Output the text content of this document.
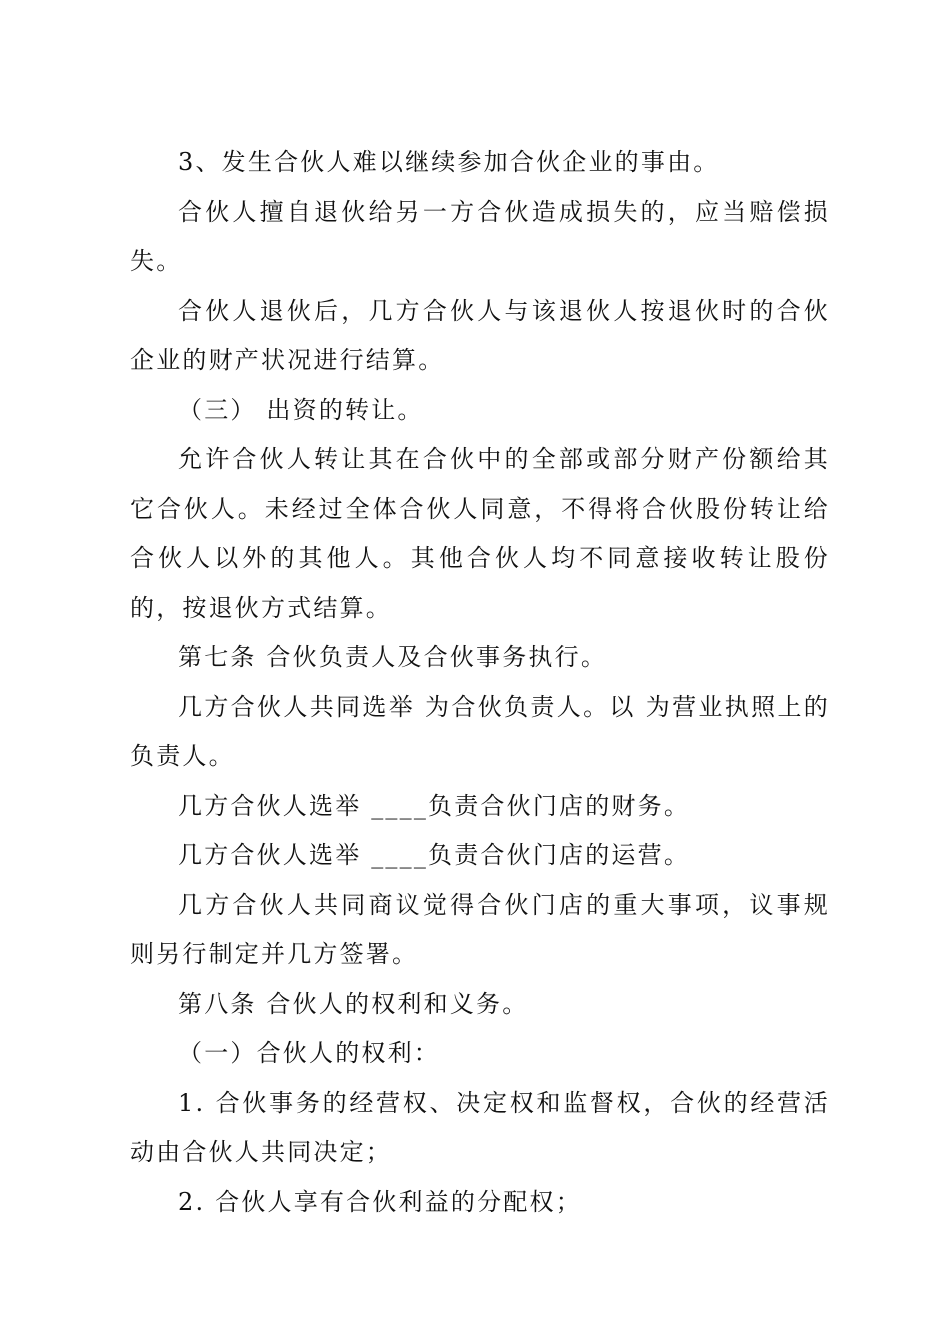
3、发生合伙人难以继续参加合伙企业的事由。

合伙人擅自退伙给另一方合伙造成损失的，应当赔偿损失。

合伙人退伙后，几方合伙人与该退伙人按退伙时的合伙企业的财产状况进行结算。

（三） 出资的转让。

允许合伙人转让其在合伙中的全部或部分财产份额给其它合伙人。未经过全体合伙人同意，不得将合伙股份转让给合伙人以外的其他人。其他合伙人均不同意接收转让股份的，按退伙方式结算。

第七条 合伙负责人及合伙事务执行。

几方合伙人共同选举 为合伙负责人。以 为营业执照上的负责人。

几方合伙人选举 ____负责合伙门店的财务。

几方合伙人选举 ____负责合伙门店的运营。

几方合伙人共同商议觉得合伙门店的重大事项，议事规则另行制定并几方签署。

第八条 合伙人的权利和义务。

（一）合伙人的权利：

1. 合伙事务的经营权、决定权和监督权，合伙的经营活动由合伙人共同决定；

2. 合伙人享有合伙利益的分配权；
